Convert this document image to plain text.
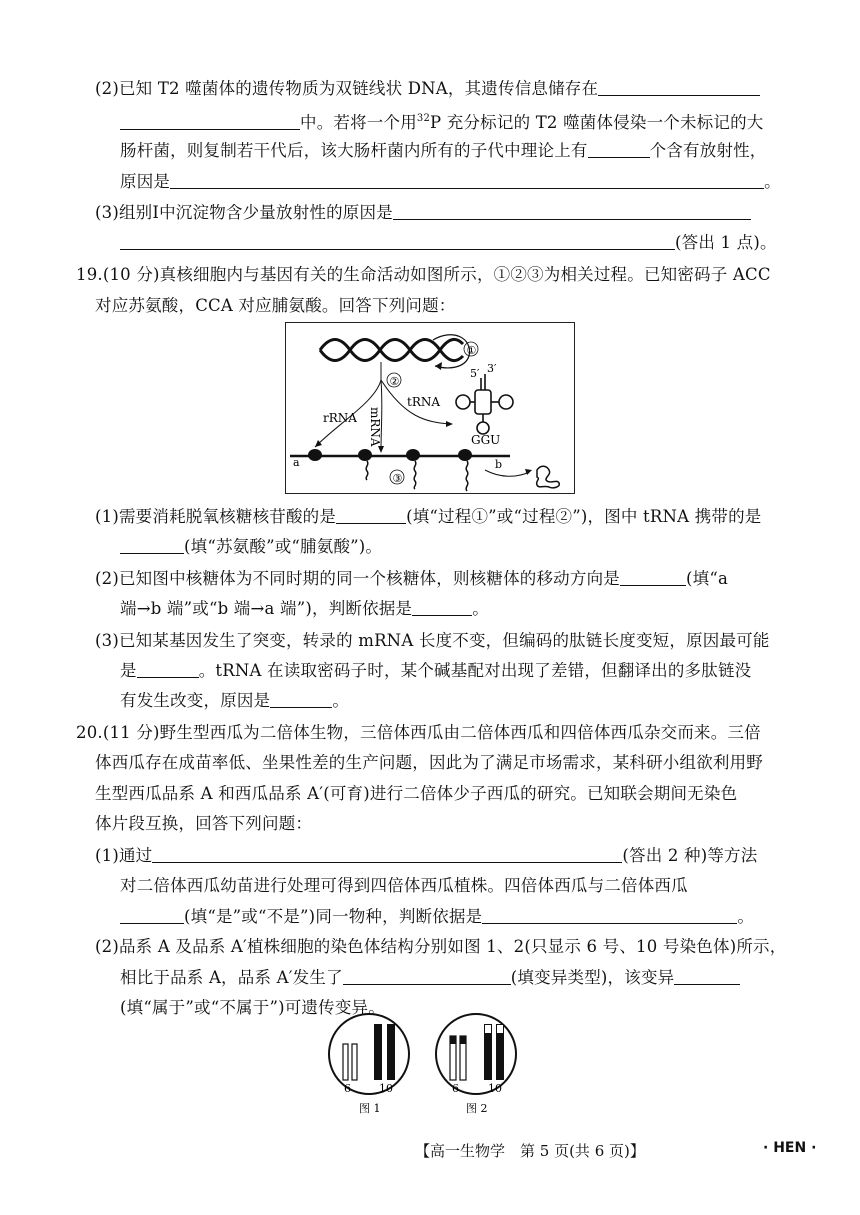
(2)已知 T2 噬菌体的遗传物质为双链线状 DNA，其遗传信息储存在
中。若将一个用$^{32}$P 充分标记的 T2 噬菌体侵染一个未标记的大
肠杆菌，则复制若干代后，该大肠杆菌内所有的子代中理论上有	个含有放射性，
原因是	。
(3)组别Ⅰ中沉淀物含少量放射性的原因是
(答出 1 点)。
19.(10 分)真核细胞内与基因有关的生命活动如图所示，①②③为相关过程。已知密码子 ACC
对应苏氨酸，CCA 对应脯氨酸。回答下列问题：
①
②
rRNA mRNA
tRNA
5′ 3′
GGU
a
③
b
(1)需要消耗脱氧核糖核苷酸的是	(填“过程①”或“过程②”)，图中 tRNA 携带的是
(填“苏氨酸”或“脯氨酸”)。
(2)已知图中核糖体为不同时期的同一个核糖体，则核糖体的移动方向是	(填“a
端→b 端”或“b 端→a 端”)，判断依据是	。
(3)已知某基因发生了突变，转录的 mRNA 长度不变，但编码的肽链长度变短，原因最可能
是	。tRNA 在读取密码子时，某个碱基配对出现了差错，但翻译出的多肽链没
有发生改变，原因是	。
20.(11 分)野生型西瓜为二倍体生物，三倍体西瓜由二倍体西瓜和四倍体西瓜杂交而来。三倍
体西瓜存在成苗率低、坐果性差的生产问题，因此为了满足市场需求，某科研小组欲利用野
生型西瓜品系 A 和西瓜品系 A′(可育)进行二倍体少子西瓜的研究。已知联会期间无染色
体片段互换，回答下列问题：
(1)通过	(答出 2 种)等方法
对二倍体西瓜幼苗进行处理可得到四倍体西瓜植株。四倍体西瓜与二倍体西瓜
(填“是”或“不是”)同一物种，判断依据是	。
(2)品系 A 及品系 A′植株细胞的染色体结构分别如图 1、2(只显示 6 号、10 号染色体)所示，
相比于品系 A，品系 A′发生了	(填变异类型)，该变异
(填“属于”或“不属于”)可遗传变异。
6	10
图 1
6	10
图 2
【高一生物学　第 5 页(共 6 页)】	· HEN ·
